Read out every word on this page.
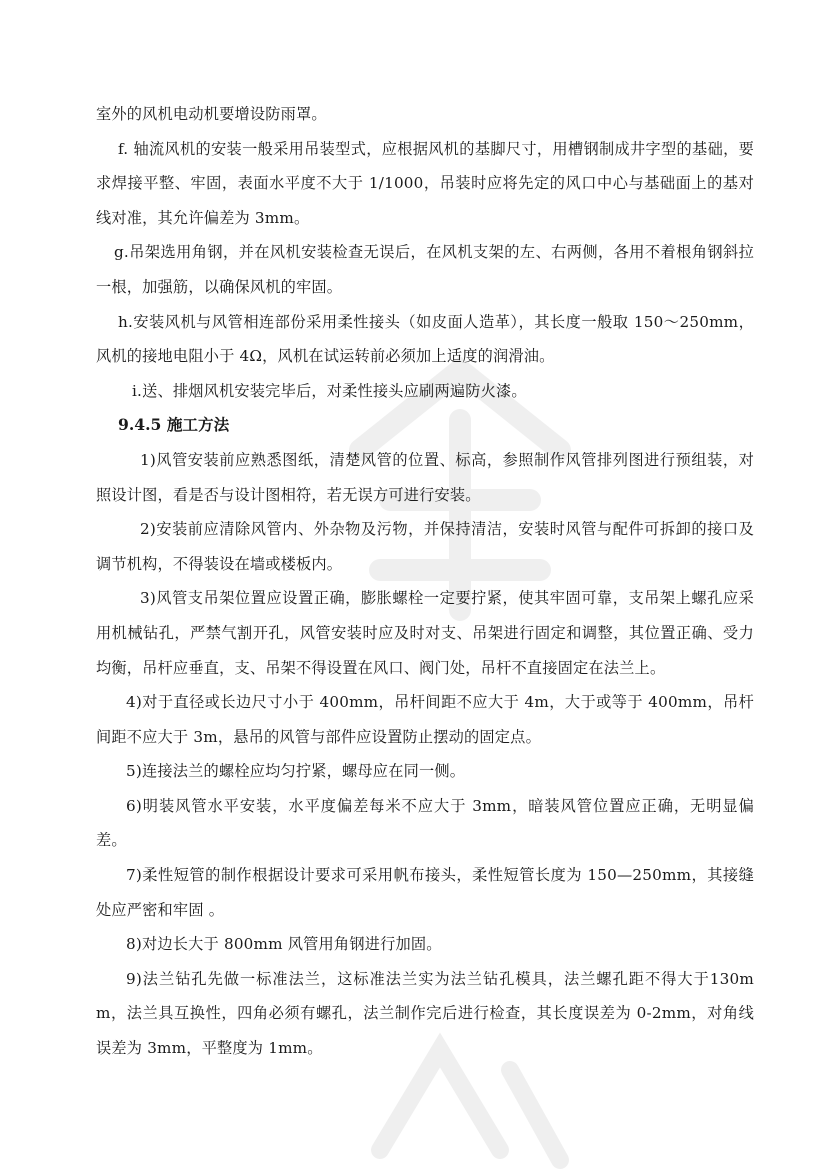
室外的风机电动机要增设防雨罩。

f. 轴流风机的安装一般采用吊装型式，应根据风机的基脚尺寸，用槽钢制成井字型的基础，要求焊接平整、牢固，表面水平度不大于 1/1000，吊装时应将先定的风口中心与基础面上的基对线对准，其允许偏差为 3mm。

g.吊架选用角钢，并在风机安装检查无误后，在风机支架的左、右两侧，各用不着根角钢斜拉一根，加强筋，以确保风机的牢固。

h.安装风机与风管相连部份采用柔性接头（如皮面人造革），其长度一般取 150～250mm，风机的接地电阻小于 4Ω，风机在试运转前必须加上适度的润滑油。

i.送、排烟风机安装完毕后，对柔性接头应刷两遍防火漆。

9.4.5 施工方法

1)风管安装前应熟悉图纸，清楚风管的位置、标高，参照制作风管排列图进行预组装，对照设计图，看是否与设计图相符，若无误方可进行安装。

2)安装前应清除风管内、外杂物及污物，并保持清洁，安装时风管与配件可拆卸的接口及调节机构，不得装设在墙或楼板内。

3)风管支吊架位置应设置正确，膨胀螺栓一定要拧紧，使其牢固可靠，支吊架上螺孔应采用机械钻孔，严禁气割开孔，风管安装时应及时对支、吊架进行固定和调整，其位置正确、受力均衡，吊杆应垂直，支、吊架不得设置在风口、阀门处，吊杆不直接固定在法兰上。

4)对于直径或长边尺寸小于 400mm，吊杆间距不应大于 4m，大于或等于 400mm，吊杆间距不应大于 3m，悬吊的风管与部件应设置防止摆动的固定点。

5)连接法兰的螺栓应均匀拧紧，螺母应在同一侧。

6)明装风管水平安装，水平度偏差每米不应大于 3mm，暗装风管位置应正确，无明显偏差。

7)柔性短管的制作根据设计要求可采用帆布接头，柔性短管长度为 150—250mm，其接缝处应严密和牢固 。

8)对边长大于 800mm 风管用角钢进行加固。

9)法兰钻孔先做一标准法兰，这标准法兰实为法兰钻孔模具，法兰螺孔距不得大于130mm，法兰具互换性，四角必须有螺孔，法兰制作完后进行检查，其长度误差为 0-2mm，对角线误差为 3mm，平整度为 1mm。
